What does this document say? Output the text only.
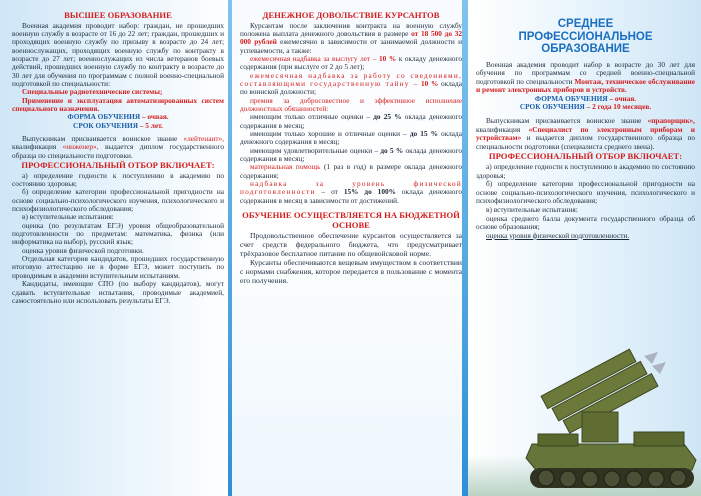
ВЫСШЕЕ ОБРАЗОВАНИЕ

Военная академия проводит набор: граждан, не прошедших военную службу в возрасте от 16 до 22 лет; граждан, прошедших и проходящих военную службу по призыву в возрасте до 24 лет; военнослужащих, проходящих военную службу по контракту в возрасте до 27 лет; военнослужащих из числа ветеранов боевых действий, прошедших военную службу по контракту в возрасте до 30 лет для обучения по программам с полной военно-специальной подготовкой по специальности:

Специальные радиотехнические системы;

Применение и эксплуатация автоматизированных систем специального назначения.

ФОРМА ОБУЧЕНИЯ – очная.

СРОК ОБУЧЕНИЯ – 5 лет.

Выпускникам присваивается воинское звание «лейтенант», квалификация «инженер», выдается диплом государственного образца по специальности подготовки.

ПРОФЕССИОНАЛЬНЫЙ ОТБОР ВКЛЮЧАЕТ:

а) определение годности к поступлению в академию по состоянию здоровья;

б) определение категории профессиональной пригодности на основе социально-психологического изучения, психологического и психофизиологического обследования;

в) вступительные испытания:

оценка (по результатам ЕГЭ) уровня общеобразовательной подготовленности по предметам: математика, физика (или информатика на выбор), русский язык;

оценка уровня физической подготовки.

Отдельная категория кандидатов, прошедших государственную итоговую аттестацию не в форме ЕГЭ, может поступить по проводимым в академии вступительным испытаниям.

Кандидаты, имеющие СПО (по выбору кандидатов), могут сдавать вступительные испытания, проводимые академией, самостоятельно или использовать результаты ЕГЭ.

ДЕНЕЖНОЕ ДОВОЛЬСТВИЕ КУРСАНТОВ

Курсантам после заключения контракта на военную службу положена выплата денежного довольствия в размере от 18 500 до 32 000 рублей ежемесячно в зависимости от занимаемой должности и успеваемости, а также:

ежемесячная надбавка за выслугу лет – 10 % к окладу денежного содержания (при выслуге от 2 до 5 лет);

ежемесячная надбавка за работу со сведениями, составляющими государственную тайну – 10 % оклада по воинской должности;

премия за добросовестное и эффективное исполнение должностных обязанностей:

имеющим только отличные оценки – до 25 % оклада денежного содержания в месяц;

имеющим только хорошие и отличные оценки – до 15 % оклада денежного содержания в месяц;

имеющим удовлетворительные оценки – до 5 % оклада денежного содержания в месяц;

материальная помощь (1 раз в год) в размере оклада денежного содержания;

надбавка за уровень физической подготовленности – от 15% до 100% оклада денежного содержания в месяц в зависимости от достижений.

ОБУЧЕНИЕ ОСУЩЕСТВЛЯЕТСЯ НА БЮДЖЕТНОЙ ОСНОВЕ

Продовольственное обеспечение курсантов осуществляется за счет средств федерального бюджета, что предусматривает трёхразовое бесплатное питание по общевойсковой норме.

Курсанты обеспечиваются вещевым имуществом в соответствии с нормами снабжения, которое передается в пользование с момента его получения.

СРЕДНЕЕ ПРОФЕССИОНАЛЬНОЕ ОБРАЗОВАНИЕ

Военная академия проводит набор в возрасте до 30 лет для обучения по программам со средней военно-специальной подготовкой по специальности Монтаж, техническое обслуживание и ремонт электронных приборов и устройств.

ФОРМА ОБУЧЕНИЯ – очная.

СРОК ОБУЧЕНИЯ – 2 года 10 месяцев.

Выпускникам присваивается воинское звание «прапорщик», квалификация «Специалист по электронным приборам и устройствам» и выдается диплом государственного образца по специальности подготовки (специалиста среднего звена).

ПРОФЕССИОНАЛЬНЫЙ ОТБОР ВКЛЮЧАЕТ:

а) определение годности к поступлению в академию по состоянию здоровья;

б) определение категории профессиональной пригодности на основе социально-психологического изучения, психологического и психофизиологического обследования;

в) вступительные испытания:

оценка среднего балла документа государственного образца об основе образования;

оценка уровня физической подготовленности.
